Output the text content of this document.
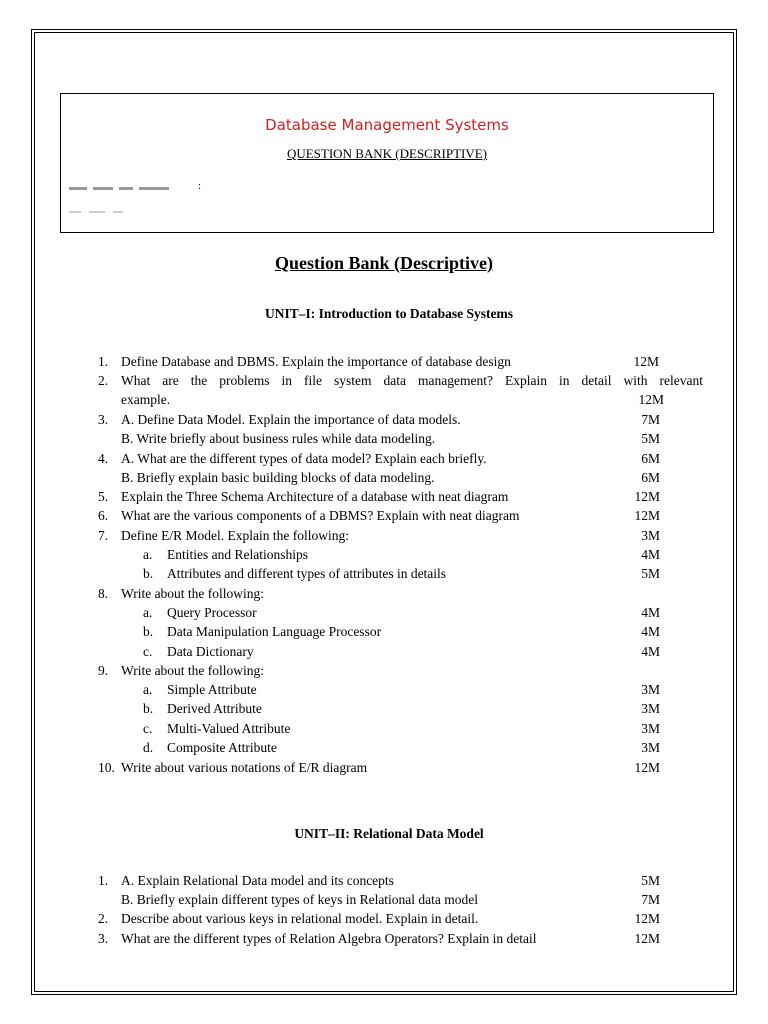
Database Management Systems
QUESTION BANK (DESCRIPTIVE)
:
Question Bank (Descriptive)
UNIT–I: Introduction to Database Systems
1. Define Database and DBMS. Explain the importance of database design	12M
2. What are the problems in file system data management? Explain in detail with relevant
example.	12M
3. A. Define Data Model. Explain the importance of data models.	7M
B. Write briefly about business rules while data modeling.	5M
4. A. What are the different types of data model? Explain each briefly.	6M
B. Briefly explain basic building blocks of data modeling.	6M
5. Explain the Three Schema Architecture of a database with neat diagram	12M
6. What are the various components of a DBMS? Explain with neat diagram	12M
7. Define E/R Model. Explain the following:	3M
a. Entities and Relationships	4M
b. Attributes and different types of attributes in details	5M
8. Write about the following:
a. Query Processor	4M
b. Data Manipulation Language Processor	4M
c. Data Dictionary	4M
9. Write about the following:
a. Simple Attribute	3M
b. Derived Attribute	3M
c. Multi-Valued Attribute	3M
d. Composite Attribute	3M
10. Write about various notations of E/R diagram	12M
UNIT–II: Relational Data Model
1. A. Explain Relational Data model and its concepts	5M
B. Briefly explain different types of keys in Relational data model	7M
2. Describe about various keys in relational model. Explain in detail.	12M
3. What are the different types of Relation Algebra Operators? Explain in detail	12M
